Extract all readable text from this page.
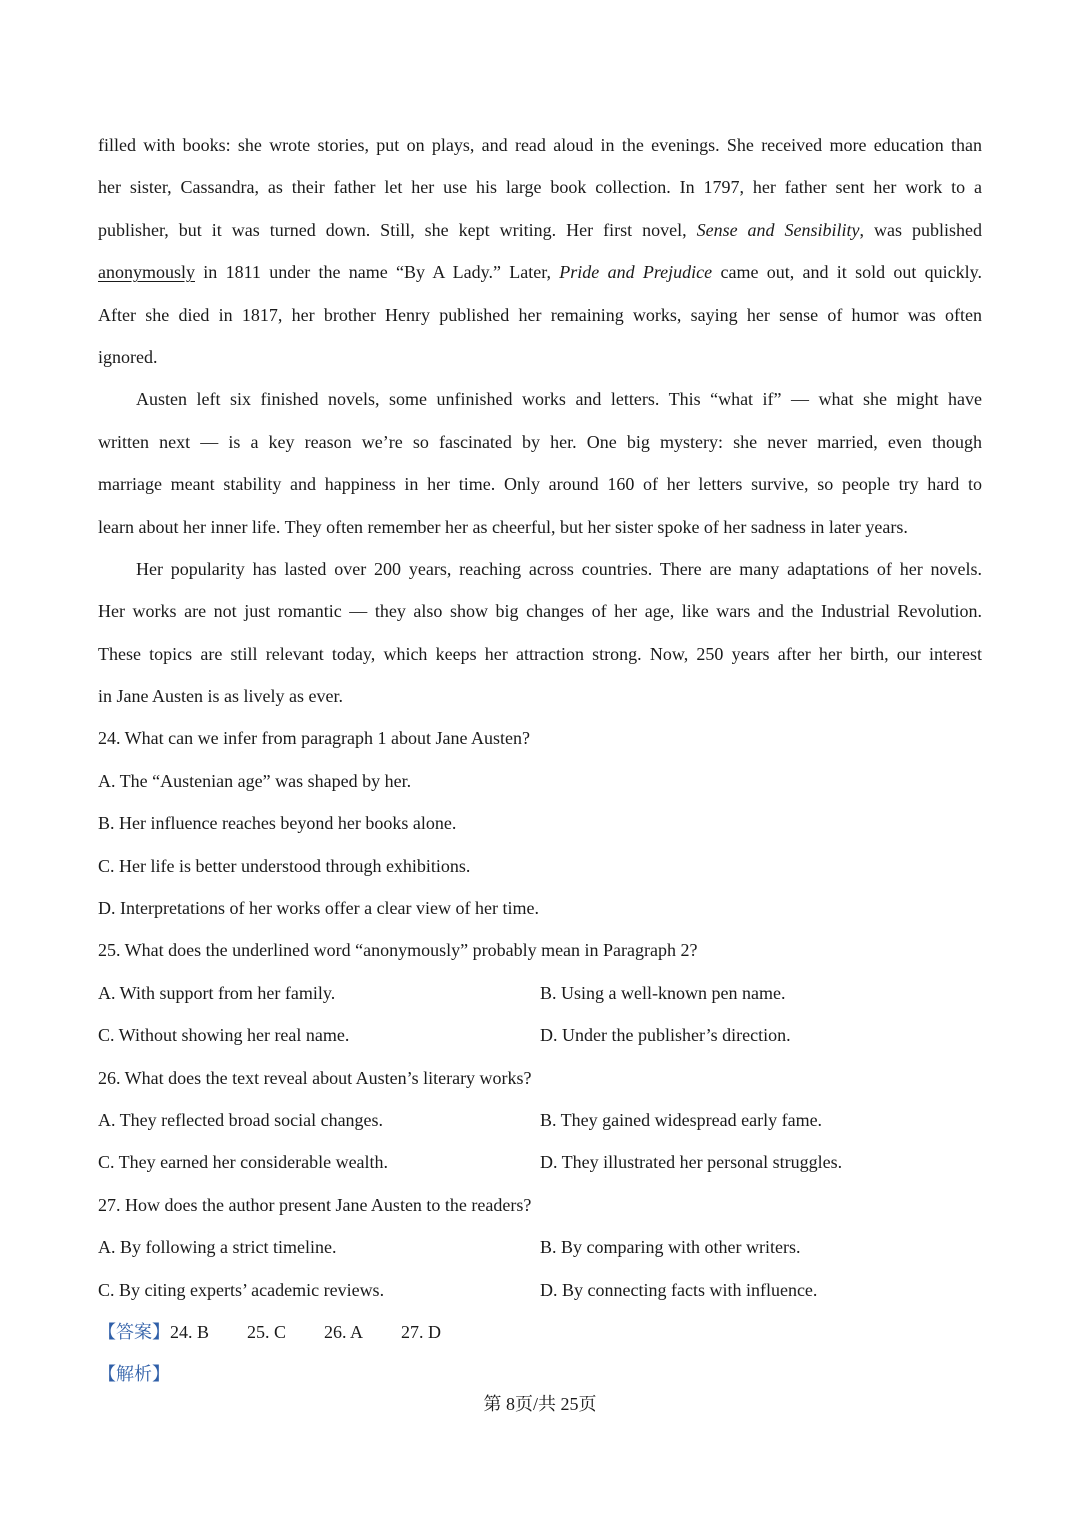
filled with books: she wrote stories, put on plays, and read aloud in the evenings. She received more education than
her sister, Cassandra, as their father let her use his large book collection. In 1797, her father sent her work to a
publisher, but it was turned down. Still, she kept writing. Her first novel, Sense and Sensibility, was published
anonymously in 1811 under the name “By A Lady.” Later, Pride and Prejudice came out, and it sold out quickly.
After she died in 1817, her brother Henry published her remaining works, saying her sense of humor was often
ignored.
Austen left six finished novels, some unfinished works and letters. This “what if” — what she might have
written next — is a key reason we’re so fascinated by her. One big mystery: she never married, even though
marriage meant stability and happiness in her time. Only around 160 of her letters survive, so people try hard to
learn about her inner life. They often remember her as cheerful, but her sister spoke of her sadness in later years.
Her popularity has lasted over 200 years, reaching across countries. There are many adaptations of her novels.
Her works are not just romantic — they also show big changes of her age, like wars and the Industrial Revolution.
These topics are still relevant today, which keeps her attraction strong. Now, 250 years after her birth, our interest
in Jane Austen is as lively as ever.
24. What can we infer from paragraph 1 about Jane Austen?
A. The “Austenian age” was shaped by her.
B. Her influence reaches beyond her books alone.
C. Her life is better understood through exhibitions.
D. Interpretations of her works offer a clear view of her time.
25. What does the underlined word “anonymously” probably mean in Paragraph 2?
A. With support from her family.	B. Using a well-known pen name.
C. Without showing her real name.	D. Under the publisher’s direction.
26. What does the text reveal about Austen’s literary works?
A. They reflected broad social changes.	B. They gained widespread early fame.
C. They earned her considerable wealth.	D. They illustrated her personal struggles.
27. How does the author present Jane Austen to the readers?
A. By following a strict timeline.	B. By comparing with other writers.
C. By citing experts’ academic reviews.	D. By connecting facts with influence.
【答案】24. B 25. C 26. A 27. D
【解析】
第 8页/共 25页
